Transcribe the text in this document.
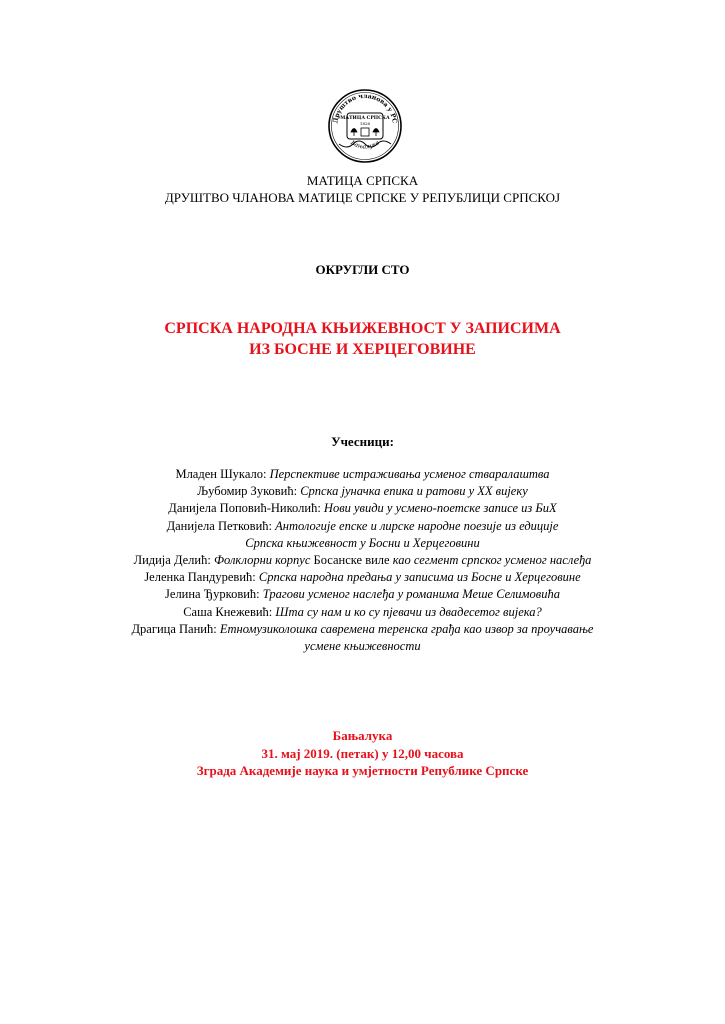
Друштво чланова у РС
МАТИЦА СРПСКА
1826
Бањалука
МАТИЦА СРПСКА
ДРУШТВО ЧЛАНОВА МАТИЦЕ СРПСКЕ У РЕПУБЛИЦИ СРПСКОЈ
ОКРУГЛИ СТО
СРПСКА НАРОДНА КЊИЖЕВНОСТ У ЗАПИСИМА
ИЗ БОСНЕ И ХЕРЦЕГОВИНЕ
Учесници:
Младен Шукало: Перспективе истраживања усменог стваралаштва
Љубомир Зуковић: Српска јуначка епика и ратови у XX вијеку
Данијела Поповић-Николић: Нови увиди у усмено-поетске записе из БиХ
Данијела Петковић: Антологије епске и лирске народне поезије из едиције
Српска књижевност у Босни и Херцеговини
Лидија Делић: Фолклорни корпус Босанске виле као сегмент српског усменог наслеђа
Јеленка Пандуревић: Српска народна предања у записима из Босне и Херцеговине
Јелина Ђурковић: Трагови усменог наслеђа у романима Меше Селимовића
Саша Кнежевић: Шта су нам и ко су пјевачи из двадесетог вијека?
Драгица Панић: Етномузиколошка савремена теренска грађа као извор за проучавање
усмене књижевности
Бањалука
31. мај 2019. (петак) у 12,00 часова
Зграда Академије наука и умјетности Републике Српске
